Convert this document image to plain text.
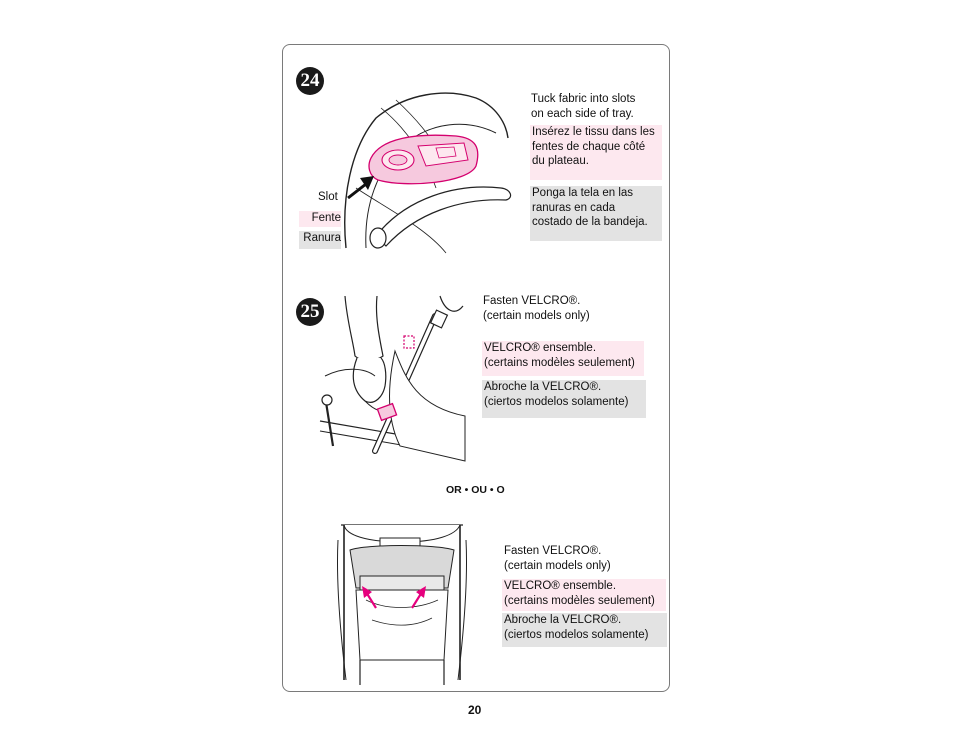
24
Slot
Fente
Ranura
Tuck fabric into slots
on each side of tray.
Insérez le tissu dans les
fentes de chaque côté
du plateau.
Ponga la tela en las
ranuras en cada
costado de la bandeja.
25	Fasten VELCRO®.
(certain models only)
VELCRO® ensemble.
(certains modèles seulement)
Abroche la VELCRO®.
(ciertos modelos solamente)
OR • OU • O
Fasten VELCRO®.
(certain models only)
VELCRO® ensemble.
(certains modèles seulement)
Abroche la VELCRO®.
(ciertos modelos solamente)
20
